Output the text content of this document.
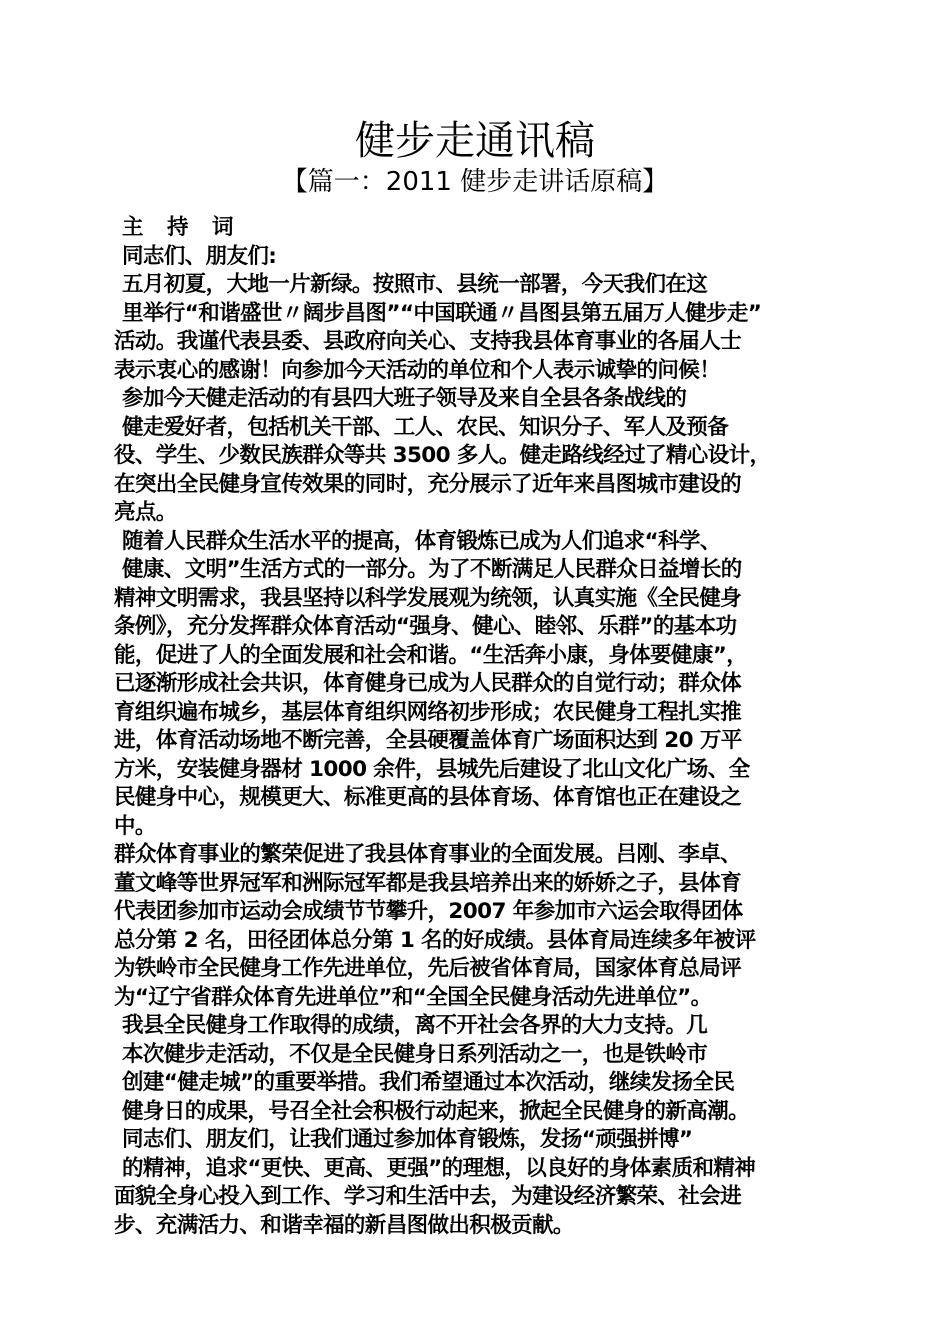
健步走通讯稿
【篇一：2011 健步走讲话原稿】
主 持 词
同志们、朋友们:
五月初夏，大地一片新绿。按照市、县统一部署，今天我们在这
里举行“和谐盛世〃阔步昌图”“中国联通〃昌图县第五届万人健步走”
活动。我谨代表县委、县政府向关心、支持我县体育事业的各届人士
表示衷心的感谢！向参加今天活动的单位和个人表示诚挚的问候！
参加今天健走活动的有县四大班子领导及来自全县各条战线的
健走爱好者，包括机关干部、工人、农民、知识分子、军人及预备
役、学生、少数民族群众等共 3500 多人。健走路线经过了精心设计，
在突出全民健身宣传效果的同时，充分展示了近年来昌图城市建设的
亮点。
随着人民群众生活水平的提高，体育锻炼已成为人们追求“科学、
健康、文明”生活方式的一部分。为了不断满足人民群众日益增长的
精神文明需求，我县坚持以科学发展观为统领，认真实施《全民健身
条例》，充分发挥群众体育活动“强身、健心、睦邻、乐群”的基本功
能，促进了人的全面发展和社会和谐。“生活奔小康，身体要健康”，
已逐渐形成社会共识，体育健身已成为人民群众的自觉行动；群众体
育组织遍布城乡，基层体育组织网络初步形成；农民健身工程扎实推
进，体育活动场地不断完善，全县硬覆盖体育广场面积达到 20 万平
方米，安装健身器材 1000 余件，县城先后建设了北山文化广场、全
民健身中心，规模更大、标准更高的县体育场、体育馆也正在建设之
中。
群众体育事业的繁荣促进了我县体育事业的全面发展。吕刚、李卓、
董文峰等世界冠军和洲际冠军都是我县培养出来的娇娇之子，县体育
代表团参加市运动会成绩节节攀升，2007 年参加市六运会取得团体
总分第 2 名，田径团体总分第 1 名的好成绩。县体育局连续多年被评
为铁岭市全民健身工作先进单位，先后被省体育局，国家体育总局评
为“辽宁省群众体育先进单位”和“全国全民健身活动先进单位”。
我县全民健身工作取得的成绩，离不开社会各界的大力支持。几
本次健步走活动，不仅是全民健身日系列活动之一，也是铁岭市
创建“健走城”的重要举措。我们希望通过本次活动，继续发扬全民
健身日的成果，号召全社会积极行动起来，掀起全民健身的新高潮。
同志们、朋友们，让我们通过参加体育锻炼，发扬“顽强拼博”
的精神，追求“更快、更高、更强”的理想，以良好的身体素质和精神
面貌全身心投入到工作、学习和生活中去，为建设经济繁荣、社会进
步、充满活力、和谐幸福的新昌图做出积极贡献。
